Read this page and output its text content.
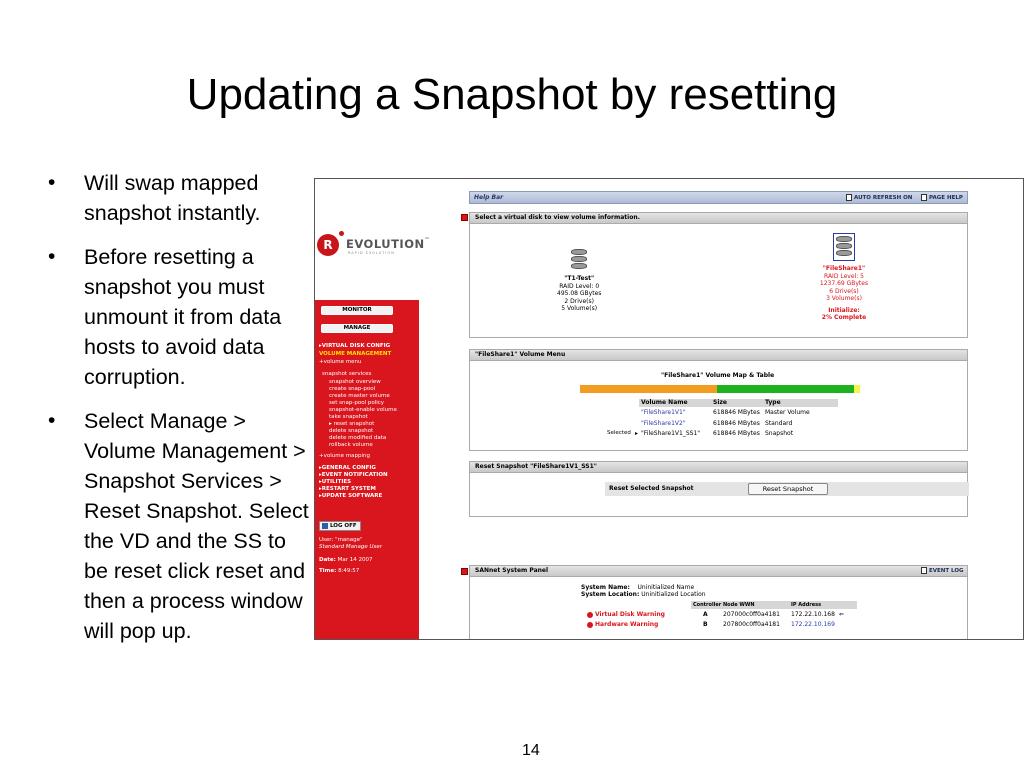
Updating a Snapshot by resetting
• Will swap mapped snapshot instantly.
• Before resetting a snapshot you must unmount it from data hosts to avoid data corruption.
• Select Manage > Volume Management > Snapshot Services > Reset Snapshot. Select the VD and the SS to be reset click reset and then a process window will pop up.
14
R	EVOLUTION™
RAPID EVOLUTION
MONITOR
MANAGE
▸VIRTUAL DISK CONFIG
VOLUME MANAGEMENT
+volume menu
snapshot services
snapshot overview
create snap-pool
create master volume
set snap-pool policy
snapshot-enable volume
take snapshot
▸ reset snapshot
delete snapshot
delete modified data
rollback volume
+volume mapping
▸GENERAL CONFIG
▸EVENT NOTIFICATION
▸UTILITIES
▸RESTART SYSTEM
▸UPDATE SOFTWARE
LOG OFF
User: "manage"
Standard Manage User
Date: Mar 14 2007
Time: 8:49:57
Help Bar	AUTO REFRESH ON	PAGE HELP
Select a virtual disk to view volume information.
"T1-Test"
RAID Level: 0
495.08 GBytes
2 Drive(s)
5 Volume(s)
"FileShare1"
RAID Level: 5
1237.69 GBytes
6 Drive(s)
3 Volume(s)
Initialize:
2% Complete
"FileShare1" Volume Menu
"FileShare1" Volume Map & Table
Volume Name	Size	Type
"FileShare1V1"	618846 MBytes Master Volume
"FileShare1V2"	618846 MBytes Standard
Selected ▸ "FileShare1V1_SS1" 618846 MBytes Snapshot
Reset Snapshot "FileShare1V1_SS1"
Reset Selected Snapshot	Reset Snapshot
SANnet System Panel	EVENT LOG
System Name: Uninitialized Name
System Location: Uninitialized Location
Controller Node WWN	IP Address
Virtual Disk Warning	A	207000c0ff0a4181 172.22.10.168 ⇐
Hardware Warning	B	207800c0ff0a4181 172.22.10.169
